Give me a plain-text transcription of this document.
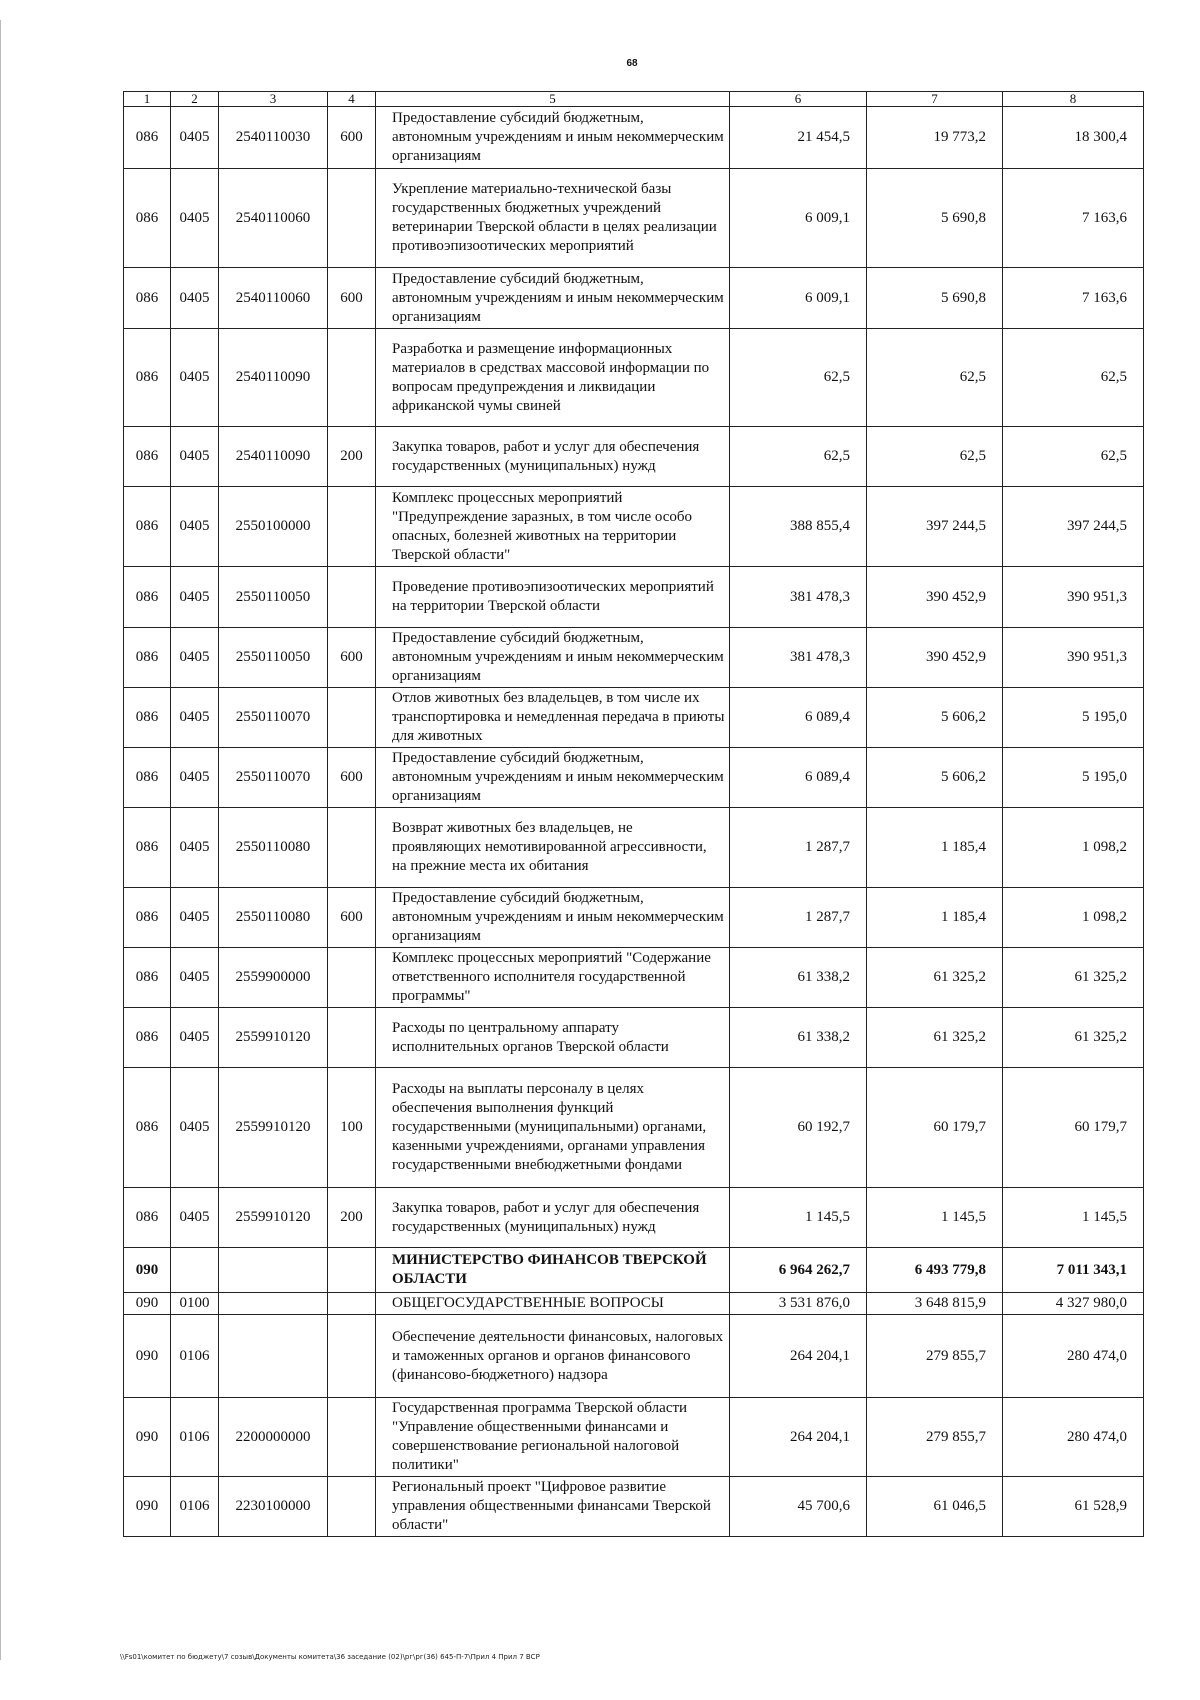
68
1	2	3	4	5	6	7	8
086	0405	2540110030	600	Предоставление субсидий бюджетным, автономным учреждениям и иным некоммерческим организациям	21 454,5	19 773,2	18 300,4
086	0405	2540110060		Укрепление материально-технической базы государственных бюджетных учреждений ветеринарии Тверской области в целях реализации противоэпизоотических мероприятий	6 009,1	5 690,8	7 163,6
086	0405	2540110060	600	Предоставление субсидий бюджетным, автономным учреждениям и иным некоммерческим организациям	6 009,1	5 690,8	7 163,6
086	0405	2540110090		Разработка и размещение информационных материалов в средствах массовой информации по вопросам предупреждения и ликвидации африканской чумы свиней	62,5	62,5	62,5
086	0405	2540110090	200	Закупка товаров, работ и услуг для обеспечения государственных (муниципальных) нужд	62,5	62,5	62,5
086	0405	2550100000		Комплекс процессных мероприятий "Предупреждение заразных, в том числе особо опасных, болезней животных на территории Тверской области"	388 855,4	397 244,5	397 244,5
086	0405	2550110050		Проведение противоэпизоотических мероприятий на территории Тверской области	381 478,3	390 452,9	390 951,3
086	0405	2550110050	600	Предоставление субсидий бюджетным, автономным учреждениям и иным некоммерческим организациям	381 478,3	390 452,9	390 951,3
086	0405	2550110070		Отлов животных без владельцев, в том числе их транспортировка и немедленная передача в приюты для животных	6 089,4	5 606,2	5 195,0
086	0405	2550110070	600	Предоставление субсидий бюджетным, автономным учреждениям и иным некоммерческим организациям	6 089,4	5 606,2	5 195,0
086	0405	2550110080		Возврат животных без владельцев, не проявляющих немотивированной агрессивности, на прежние места их обитания	1 287,7	1 185,4	1 098,2
086	0405	2550110080	600	Предоставление субсидий бюджетным, автономным учреждениям и иным некоммерческим организациям	1 287,7	1 185,4	1 098,2
086	0405	2559900000		Комплекс процессных мероприятий "Содержание ответственного исполнителя государственной программы"	61 338,2	61 325,2	61 325,2
086	0405	2559910120		Расходы по центральному аппарату исполнительных органов Тверской области	61 338,2	61 325,2	61 325,2
086	0405	2559910120	100	Расходы на выплаты персоналу в целях обеспечения выполнения функций государственными (муниципальными) органами, казенными учреждениями, органами управления государственными внебюджетными фондами	60 192,7	60 179,7	60 179,7
086	0405	2559910120	200	Закупка товаров, работ и услуг для обеспечения государственных (муниципальных) нужд	1 145,5	1 145,5	1 145,5
090				МИНИСТЕРСТВО ФИНАНСОВ ТВЕРСКОЙ ОБЛАСТИ	6 964 262,7	6 493 779,8	7 011 343,1
090	0100			ОБЩЕГОСУДАРСТВЕННЫЕ ВОПРОСЫ	3 531 876,0	3 648 815,9	4 327 980,0
090	0106			Обеспечение деятельности финансовых, налоговых и таможенных органов и органов финансового (финансово-бюджетного) надзора	264 204,1	279 855,7	280 474,0
090	0106	2200000000		Государственная программа Тверской области "Управление общественными финансами и совершенствование региональной налоговой политики"	264 204,1	279 855,7	280 474,0
090	0106	2230100000		Региональный проект "Цифровое развитие управления общественными финансами Тверской области"	45 700,6	61 046,5	61 528,9
\\Fs01\комитет по бюджету\7 созыв\Документы комитета\36 заседание (02)\рг\рг(36) 645-П-7\Прил 4 Прил 7 ВСР
